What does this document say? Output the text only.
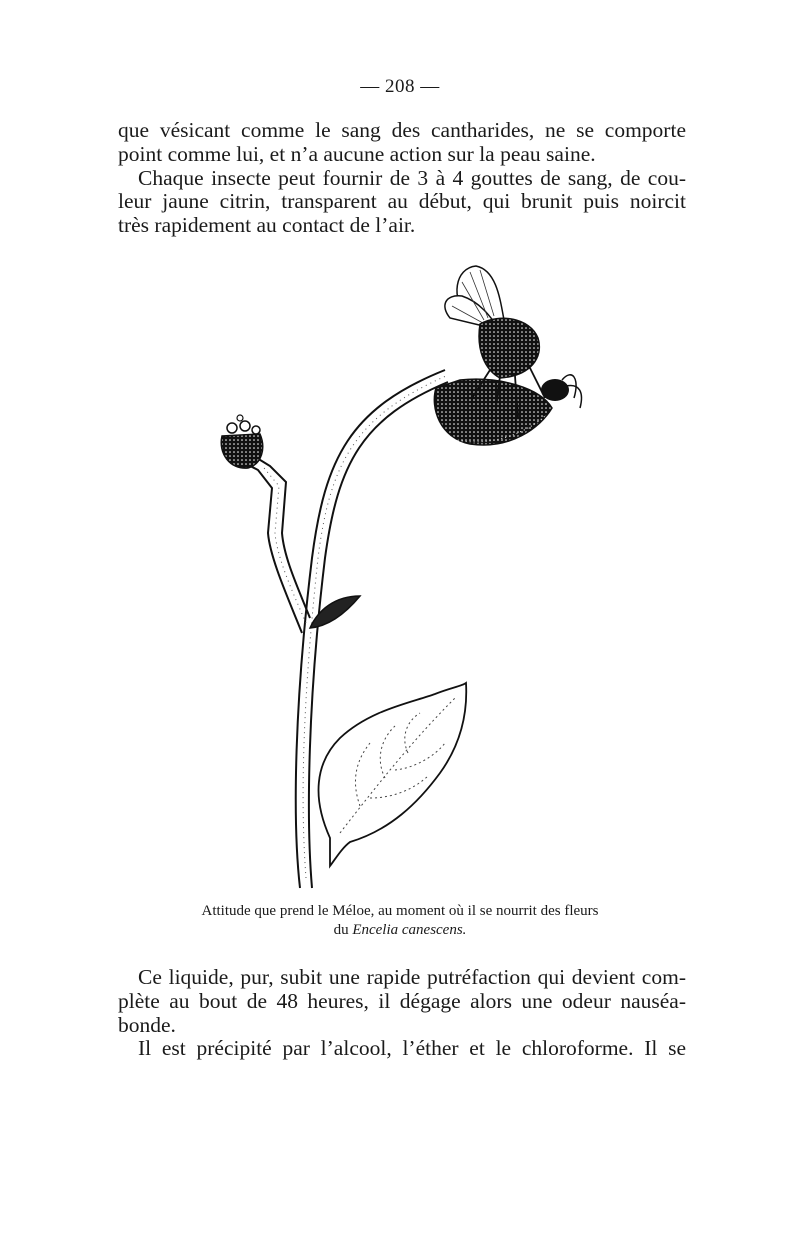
— 208 —
que vésicant comme le sang des cantharides, ne se comporte
point comme lui, et n’a aucune action sur la peau saine.
Chaque insecte peut fournir de 3 à 4 gouttes de sang, de cou-
leur jaune citrin, transparent au début, qui brunit puis noircit
très rapidement au contact de l’air.
Attitude que prend le Méloe, au moment où il se nourrit des fleurs
du Encelia canescens.
Ce liquide, pur, subit une rapide putréfaction qui devient com-
plète au bout de 48 heures, il dégage alors une odeur nauséa-
bonde.
Il est précipité par l’alcool, l’éther et le chloroforme. Il se
